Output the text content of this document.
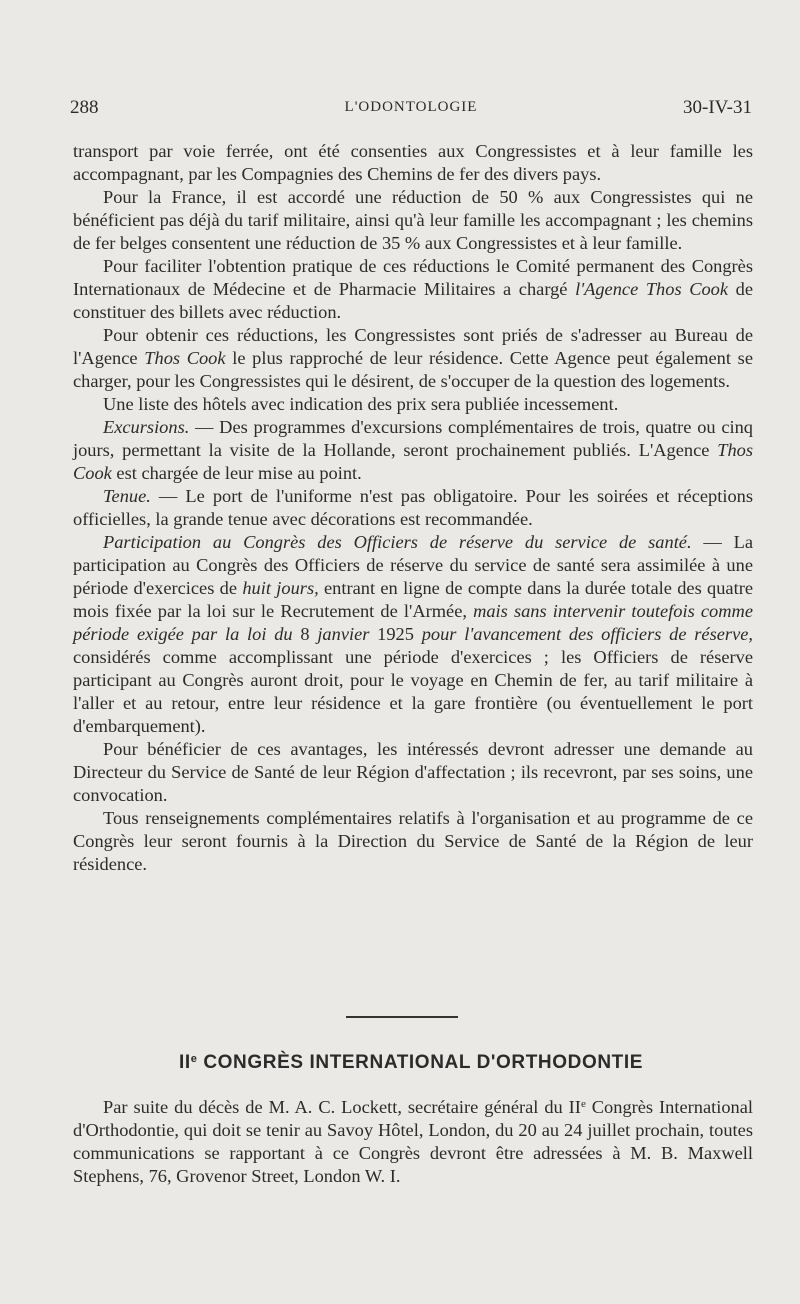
288	L'ODONTOLOGIE	30-IV-31

transport par voie ferrée, ont été consenties aux Congressistes et à leur famille les accompagnant, par les Compagnies des Chemins de fer des divers pays.

Pour la France, il est accordé une réduction de 50 % aux Congressistes qui ne bénéficient pas déjà du tarif militaire, ainsi qu'à leur famille les accompagnant ; les chemins de fer belges consentent une réduction de 35 % aux Congressistes et à leur famille.

Pour faciliter l'obtention pratique de ces réductions le Comité permanent des Congrès Internationaux de Médecine et de Pharmacie Militaires a chargé l'Agence Thos Cook de constituer des billets avec réduction.

Pour obtenir ces réductions, les Congressistes sont priés de s'adresser au Bureau de l'Agence Thos Cook le plus rapproché de leur résidence. Cette Agence peut également se charger, pour les Congressistes qui le désirent, de s'occuper de la question des logements.

Une liste des hôtels avec indication des prix sera publiée incessement.

Excursions. — Des programmes d'excursions complémentaires de trois, quatre ou cinq jours, permettant la visite de la Hollande, seront prochainement publiés. L'Agence Thos Cook est chargée de leur mise au point.

Tenue. — Le port de l'uniforme n'est pas obligatoire. Pour les soirées et réceptions officielles, la grande tenue avec décorations est recommandée.

Participation au Congrès des Officiers de réserve du service de santé. — La participation au Congrès des Officiers de réserve du service de santé sera assimilée à une période d'exercices de huit jours, entrant en ligne de compte dans la durée totale des quatre mois fixée par la loi sur le Recrutement de l'Armée, mais sans intervenir toutefois comme période exigée par la loi du 8 janvier 1925 pour l'avancement des officiers de réserve, considérés comme accomplissant une période d'exercices ; les Officiers de réserve participant au Congrès auront droit, pour le voyage en Chemin de fer, au tarif militaire à l'aller et au retour, entre leur résidence et la gare frontière (ou éventuellement le port d'embarquement).

Pour bénéficier de ces avantages, les intéressés devront adresser une demande au Directeur du Service de Santé de leur Région d'affectation ; ils recevront, par ses soins, une convocation.

Tous renseignements complémentaires relatifs à l'organisation et au programme de ce Congrès leur seront fournis à la Direction du Service de Santé de la Région de leur résidence.

IIe CONGRÈS INTERNATIONAL D'ORTHODONTIE

Par suite du décès de M. A. C. Lockett, secrétaire général du IIe Congrès International d'Orthodontie, qui doit se tenir au Savoy Hôtel, London, du 20 au 24 juillet prochain, toutes communications se rapportant à ce Congrès devront être adressées à M. B. Maxwell Stephens, 76, Grovenor Street, London W. I.
